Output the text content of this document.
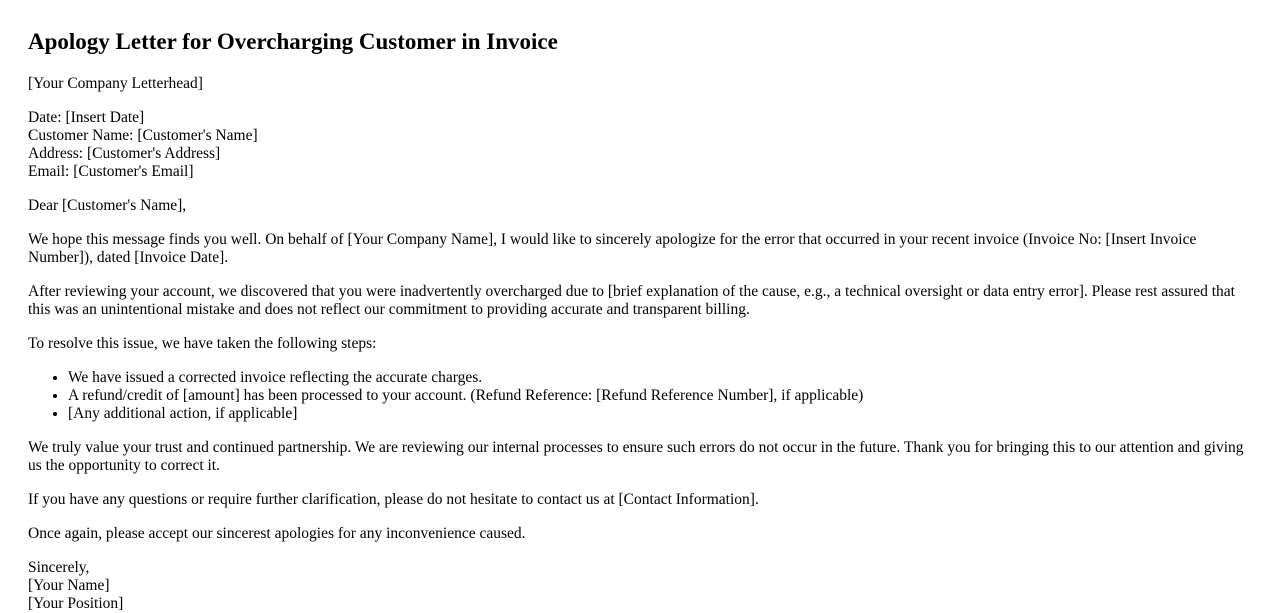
Apology Letter for Overcharging Customer in Invoice

[Your Company Letterhead]

Date: [Insert Date]
Customer Name: [Customer's Name]
Address: [Customer's Address]
Email: [Customer's Email]

Dear [Customer's Name],

We hope this message finds you well. On behalf of [Your Company Name], I would like to sincerely apologize for the error that occurred in your recent invoice (Invoice No: [Insert Invoice Number]), dated [Invoice Date].

After reviewing your account, we discovered that you were inadvertently overcharged due to [brief explanation of the cause, e.g., a technical oversight or data entry error]. Please rest assured that this was an unintentional mistake and does not reflect our commitment to providing accurate and transparent billing.

To resolve this issue, we have taken the following steps:

• We have issued a corrected invoice reflecting the accurate charges.
• A refund/credit of [amount] has been processed to your account. (Refund Reference: [Refund Reference Number], if applicable)
• [Any additional action, if applicable]

We truly value your trust and continued partnership. We are reviewing our internal processes to ensure such errors do not occur in the future. Thank you for bringing this to our attention and giving us the opportunity to correct it.

If you have any questions or require further clarification, please do not hesitate to contact us at [Contact Information].

Once again, please accept our sincerest apologies for any inconvenience caused.

Sincerely,
[Your Name]
[Your Position]
